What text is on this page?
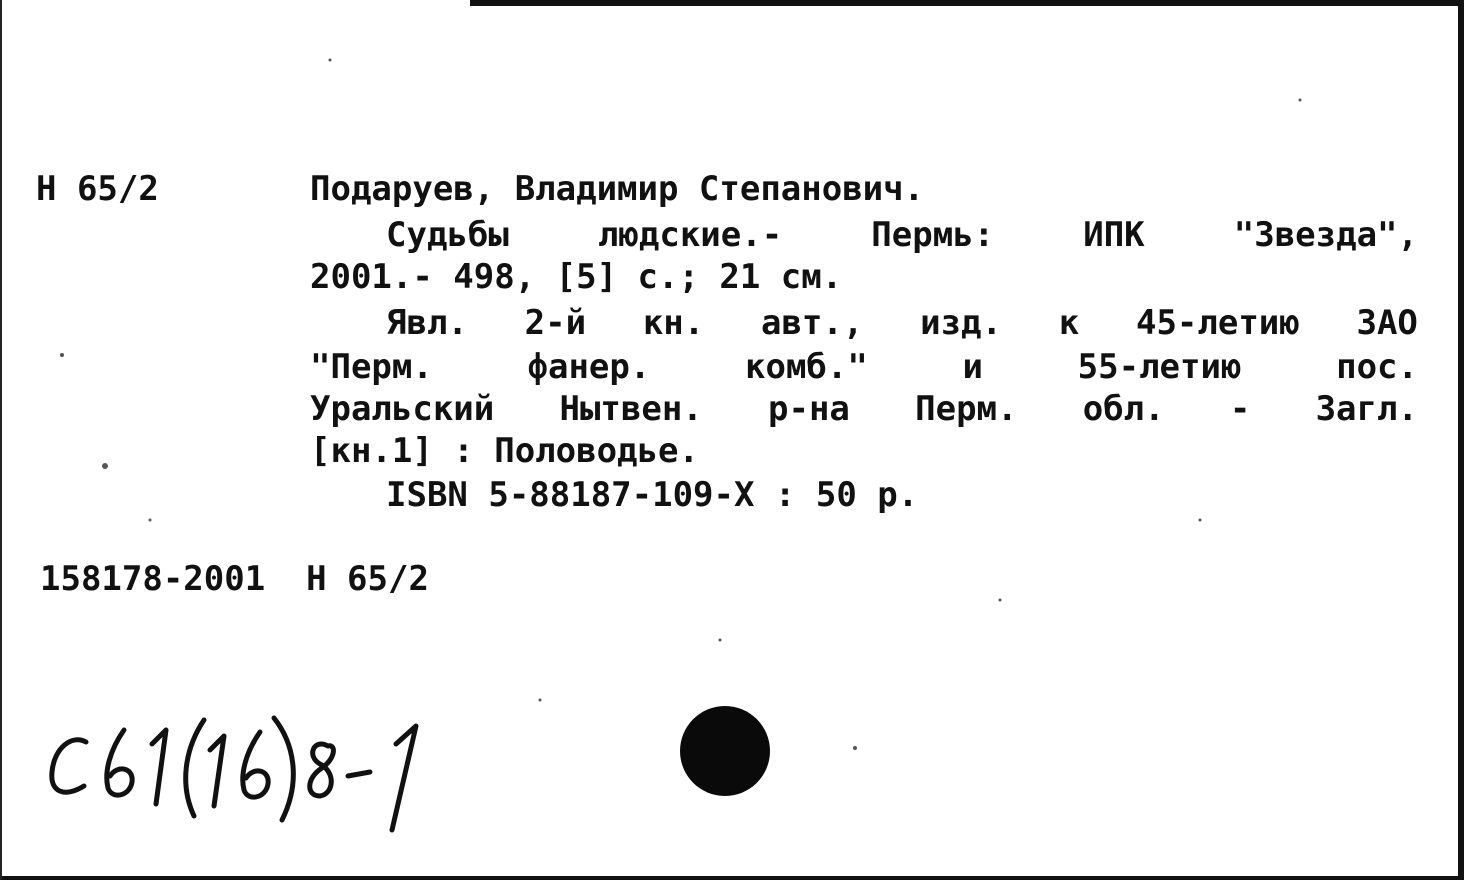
Н 65/2	Подаруев, Владимир Степанович.
Судьбы	людские.-	Пермь:	ИПК	"Звезда",
2001.- 498, [5] с.; 21 см.
Явл. 2-й кн. авт., изд. к 45-летию ЗАО
"Перм.	фанер.	комб."	и	55-летию	пос.
Уральский Нытвен. р-на Перм. обл. - Загл.
[кн.1] : Половодье.
ISBN 5-88187-109-X : 50 р.
158178-2001  Н 65/2
